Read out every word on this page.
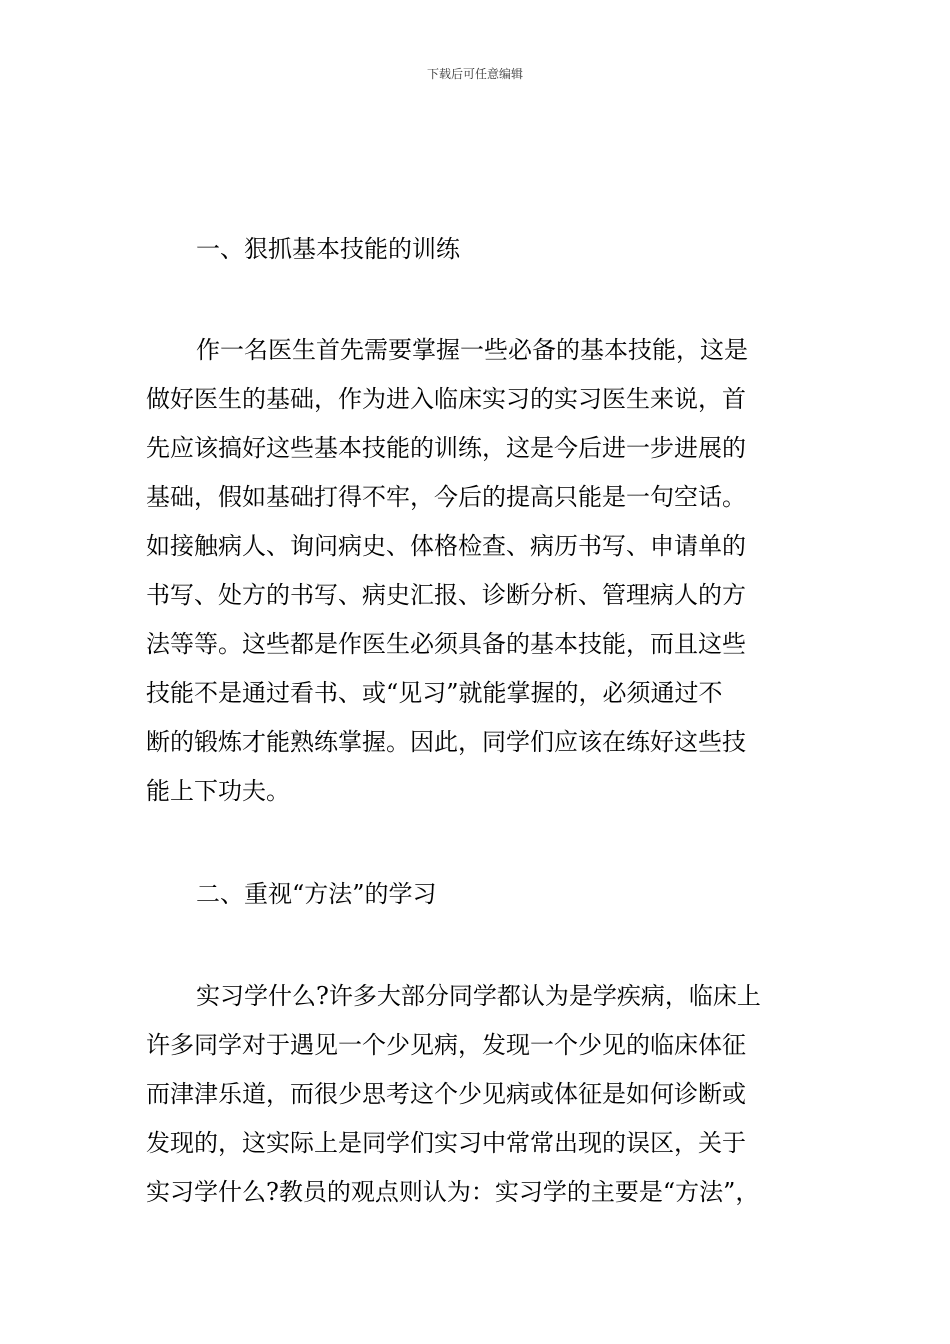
下载后可任意编辑
一、狠抓基本技能的训练
作一名医生首先需要掌握一些必备的基本技能，这是
做好医生的基础，作为进入临床实习的实习医生来说，首
先应该搞好这些基本技能的训练，这是今后进一步进展的
基础，假如基础打得不牢，今后的提高只能是一句空话。
如接触病人、询问病史、体格检查、病历书写、申请单的
书写、处方的书写、病史汇报、诊断分析、管理病人的方
法等等。这些都是作医生必须具备的基本技能，而且这些
技能不是通过看书、或“见习”就能掌握的，必须通过不
断的锻炼才能熟练掌握。因此，同学们应该在练好这些技
能上下功夫。
二、重视“方法”的学习
实习学什么?许多大部分同学都认为是学疾病，临床上
许多同学对于遇见一个少见病，发现一个少见的临床体征
而津津乐道，而很少思考这个少见病或体征是如何诊断或
发现的，这实际上是同学们实习中常常出现的误区，关于
实习学什么?教员的观点则认为：实习学的主要是“方法”，
